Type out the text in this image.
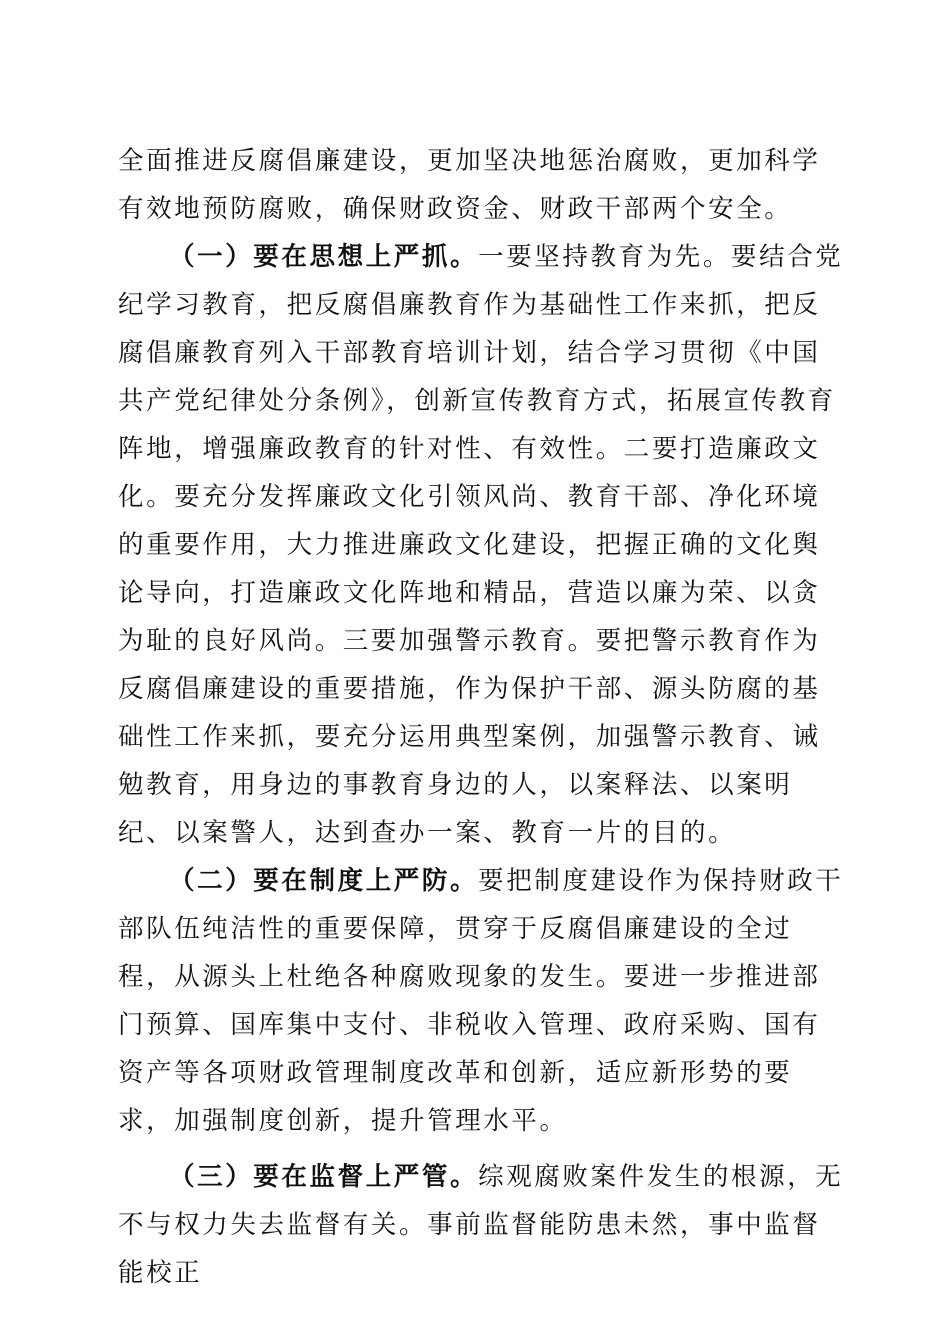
全面推进反腐倡廉建设，更加坚决地惩治腐败，更加科学有效地预防腐败，确保财政资金、财政干部两个安全。

（一）要在思想上严抓。一要坚持教育为先。要结合党纪学习教育，把反腐倡廉教育作为基础性工作来抓，把反腐倡廉教育列入干部教育培训计划，结合学习贯彻《中国共产党纪律处分条例》，创新宣传教育方式，拓展宣传教育阵地，增强廉政教育的针对性、有效性。二要打造廉政文化。要充分发挥廉政文化引领风尚、教育干部、净化环境的重要作用，大力推进廉政文化建设，把握正确的文化舆论导向，打造廉政文化阵地和精品，营造以廉为荣、以贪为耻的良好风尚。三要加强警示教育。要把警示教育作为反腐倡廉建设的重要措施，作为保护干部、源头防腐的基础性工作来抓，要充分运用典型案例，加强警示教育、诫勉教育，用身边的事教育身边的人，以案释法、以案明纪、以案警人，达到查办一案、教育一片的目的。

（二）要在制度上严防。要把制度建设作为保持财政干部队伍纯洁性的重要保障，贯穿于反腐倡廉建设的全过程，从源头上杜绝各种腐败现象的发生。要进一步推进部门预算、国库集中支付、非税收入管理、政府采购、国有资产等各项财政管理制度改革和创新，适应新形势的要求，加强制度创新，提升管理水平。

（三）要在监督上严管。综观腐败案件发生的根源，无不与权力失去监督有关。事前监督能防患未然，事中监督能校正
